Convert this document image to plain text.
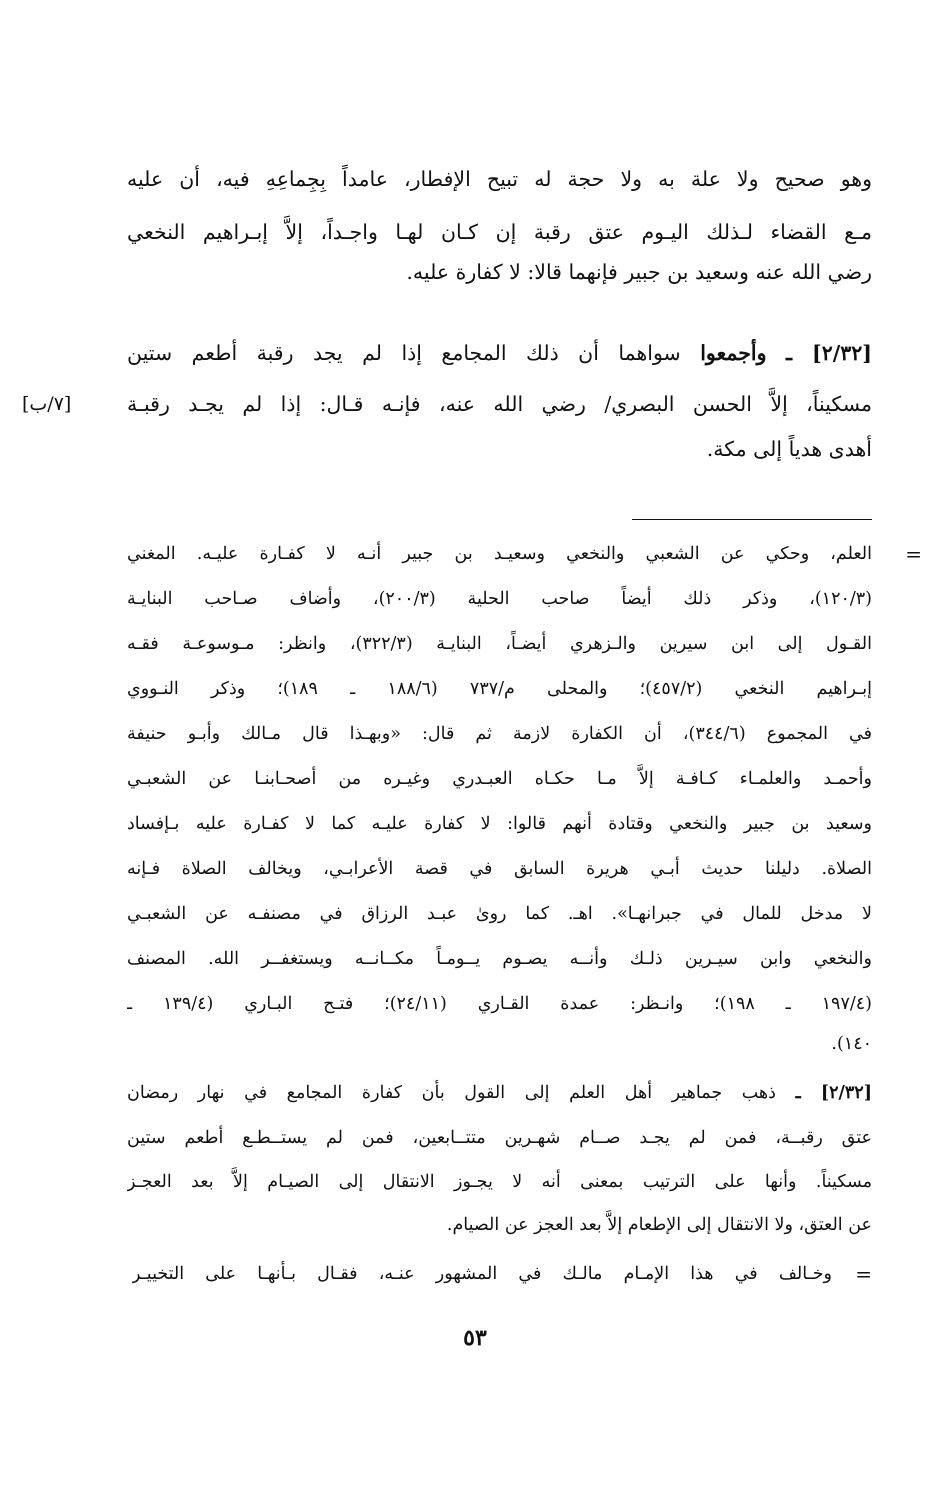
وهو صحيح ولا علة به ولا حجة له تبيح الإفطار، عامداً بِجِماعِهِ فيه، أن عليه
مـع القضاء لـذلك اليـوم عتق رقبة إن كـان لهـا واجـداً، إلاَّ إبـراهيم النخعي
رضي الله عنه وسعيد بن جبير فإنهما قالا: لا كفارة عليه.
[٢/٣٢] ـ وأجمعوا سواهما أن ذلك المجامع إذا لم يجد رقبة أطعم ستين
مسكيناً، إلاَّ الحسن البصري/ رضي الله عنه، فإنـه قـال: إذا لم يجـد رقبـة
أهدى هدياً إلى مكة.
[٧/ب]
=
العلم، وحكي عن الشعبي والنخعي وسعيـد بن جبير أنـه لا كفـارة عليـه. المغني
(١٢٠/٣)، وذكر ذلك أيضاً صاحب الحلية (٢٠٠/٣)، وأضاف صـاحب البنايـة
القـول إلى ابن سيرين والـزهري أيضـاً، البنايـة (٣٢٢/٣)، وانظر: مـوسوعـة فقـه
إبـراهيم النخعي (٤٥٧/٢)؛ والمحلى م/٧٣٧ (١٨٨/٦ ـ ١٨٩)؛ وذكر النـووي
في المجموع (٣٤٤/٦)، أن الكفارة لازمة ثم قال: «وبهـذا قال مـالك وأبـو حنيفة
وأحمـد والعلمـاء كـافـة إلاَّ مـا حكـاه العبـدري وغيـره من أصحـابنـا عن الشعبـي
وسعيد بن جبير والنخعي وقتادة أنهم قالوا: لا كفارة عليـه كما لا كفـارة عليه بـإفساد
الصلاة. دليلنا حديث أبـي هريرة السابق في قصة الأعرابـي، ويخالف الصلاة فـإنه
لا مدخل للمال في جبرانهـا». اهـ. كما روىٰ عبـد الرزاق في مصنفـه عن الشعبـي
والنخعي وابن سيـرين ذلـك وأنــه يصـوم يــومـاً مكــانــه ويستغفــر الله. المصنف
(١٩٧/٤ ـ ١٩٨)؛ وانـظر: عمدة القـاري (٢٤/١١)؛ فتـح البـاري (١٣٩/٤ ـ
١٤٠).
[٢/٣٢] ـ ذهب جماهير أهل العلم إلى القول بأن كفارة المجامع في نهار رمضان
عتق رقبــة، فمن لم يجـد صــام شهـرين متتــابعين، فمن لم يستــطـع أطعم ستين
مسكيناً. وأنها على الترتيب بمعنى أنه لا يجـوز الانتقال إلى الصيـام إلاَّ بعد العجـز
عن العتق، ولا الانتقال إلى الإطعام إلاَّ بعد العجز عن الصيام.
وخـالف في هذا الإمـام مالـك في المشهور عنـه، فقـال بـأنهـا على التخييـر =
٥٣
